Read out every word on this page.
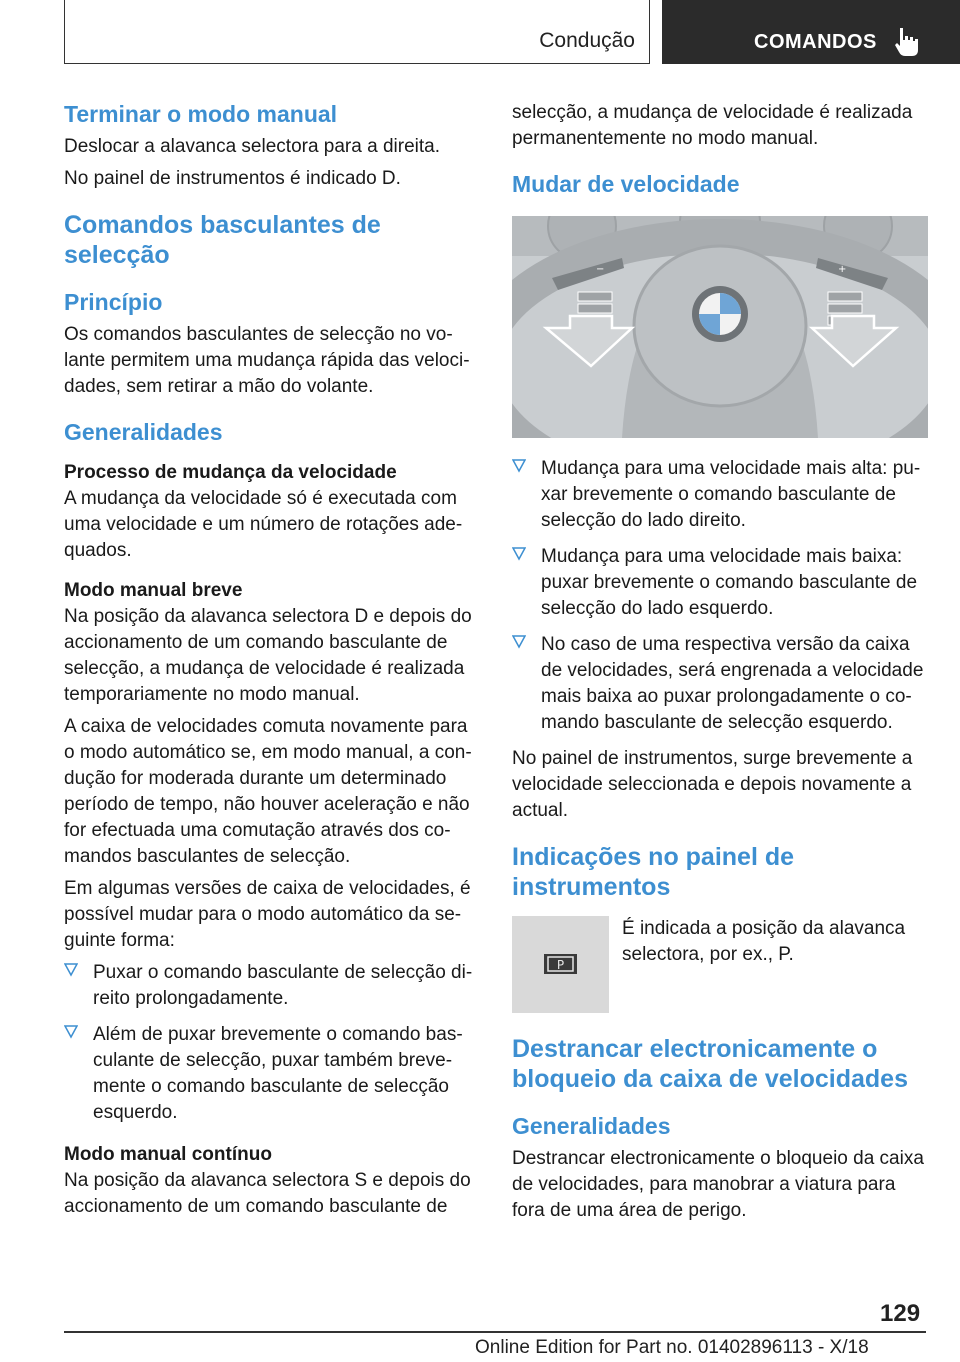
Condução	COMANDOS
Terminar o modo manual

Deslocar a alavanca selectora para a direita.

No painel de instrumentos é indicado D.

Comandos basculantes de
selecção
Princípio

Os comandos basculantes de selecção no volante permitem uma mudança rápida das velocidades, sem retirar a mão do volante.

Generalidades
Processo de mudança da velocidade

A mudança da velocidade só é executada com uma velocidade e um número de rotações adequados.

Modo manual breve

Na posição da alavanca selectora D e depois do accionamento de um comando basculante de selecção, a mudança de velocidade é realizada temporariamente no modo manual.

A caixa de velocidades comuta novamente para o modo automático se, em modo manual, a condução for moderada durante um determinado período de tempo, não houver aceleração e não for efectuada uma comutação através dos comandos basculantes de selecção.

Em algumas versões de caixa de velocidades, é possível mudar para o modo automático da seguinte forma:

Puxar o comando basculante de selecção direito prolongadamente.
Além de puxar brevemente o comando basculante de selecção, puxar também brevemente o comando basculante de selecção esquerdo.
Modo manual contínuo

Na posição da alavanca selectora S e depois do accionamento de um comando basculante de

selecção, a mudança de velocidade é realizada permanentemente no modo manual.

Mudar de velocidade
−	+
Mudança para uma velocidade mais alta: puxar brevemente o comando basculante de selecção do lado direito.
Mudança para uma velocidade mais baixa: puxar brevemente o comando basculante de selecção do lado esquerdo.
No caso de uma respectiva versão da caixa de velocidades, será engrenada a velocidade mais baixa ao puxar prolongadamente o comando basculante de selecção esquerdo.

No painel de instrumentos, surge brevemente a velocidade seleccionada e depois novamente a actual.

Indicações no painel de
instrumentos
P

É indicada a posição da alavanca selectora, por ex., P.

Destrancar electronicamente o
bloqueio da caixa de velocidades
Generalidades

Destrancar electronicamente o bloqueio da caixa de velocidades, para manobrar a viatura para fora de uma área de perigo.

129
Online Edition for Part no. 01402896113 - X/18
